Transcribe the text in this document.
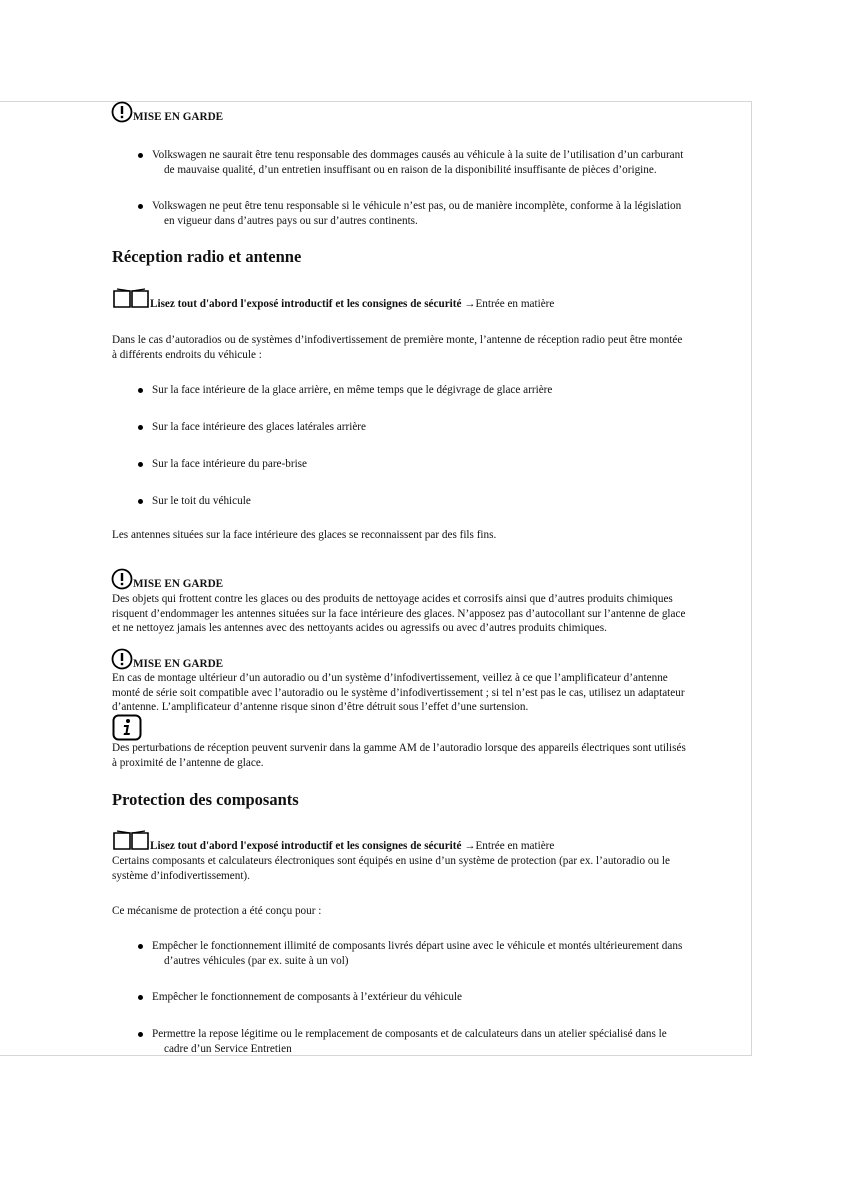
MISE EN GARDE
Volkswagen ne saurait être tenu responsable des dommages causés au véhicule à la suite de l’utilisation d’un carburant
de mauvaise qualité, d’un entretien insuffisant ou en raison de la disponibilité insuffisante de pièces d’origine.
Volkswagen ne peut être tenu responsable si le véhicule n’est pas, ou de manière incomplète, conforme à la législation
en vigueur dans d’autres pays ou sur d’autres continents.
Réception radio et antenne
Lisez tout d'abord l'exposé introductif et les consignes de sécurité →Entrée en matière
Dans le cas d’autoradios ou de systèmes d’infodivertissement de première monte, l’antenne de réception radio peut être montée
à différents endroits du véhicule :
Sur la face intérieure de la glace arrière, en même temps que le dégivrage de glace arrière
Sur la face intérieure des glaces latérales arrière
Sur la face intérieure du pare-brise
Sur le toit du véhicule
Les antennes situées sur la face intérieure des glaces se reconnaissent par des fils fins.
MISE EN GARDE
Des objets qui frottent contre les glaces ou des produits de nettoyage acides et corrosifs ainsi que d’autres produits chimiques
risquent d’endommager les antennes situées sur la face intérieure des glaces. N’apposez pas d’autocollant sur l’antenne de glace
et ne nettoyez jamais les antennes avec des nettoyants acides ou agressifs ou avec d’autres produits chimiques.
MISE EN GARDE
En cas de montage ultérieur d’un autoradio ou d’un système d’infodivertissement, veillez à ce que l’amplificateur d’antenne
monté de série soit compatible avec l’autoradio ou le système d’infodivertissement ; si tel n’est pas le cas, utilisez un adaptateur
d’antenne. L’amplificateur d’antenne risque sinon d’être détruit sous l’effet d’une surtension.
Des perturbations de réception peuvent survenir dans la gamme AM de l’autoradio lorsque des appareils électriques sont utilisés
à proximité de l’antenne de glace.
Protection des composants
Lisez tout d'abord l'exposé introductif et les consignes de sécurité →Entrée en matière
Certains composants et calculateurs électroniques sont équipés en usine d’un système de protection (par ex. l’autoradio ou le
système d’infodivertissement).
Ce mécanisme de protection a été conçu pour :
Empêcher le fonctionnement illimité de composants livrés départ usine avec le véhicule et montés ultérieurement dans
d’autres véhicules (par ex. suite à un vol)
Empêcher le fonctionnement de composants à l’extérieur du véhicule
Permettre la repose légitime ou le remplacement de composants et de calculateurs dans un atelier spécialisé dans le
cadre d’un Service Entretien
